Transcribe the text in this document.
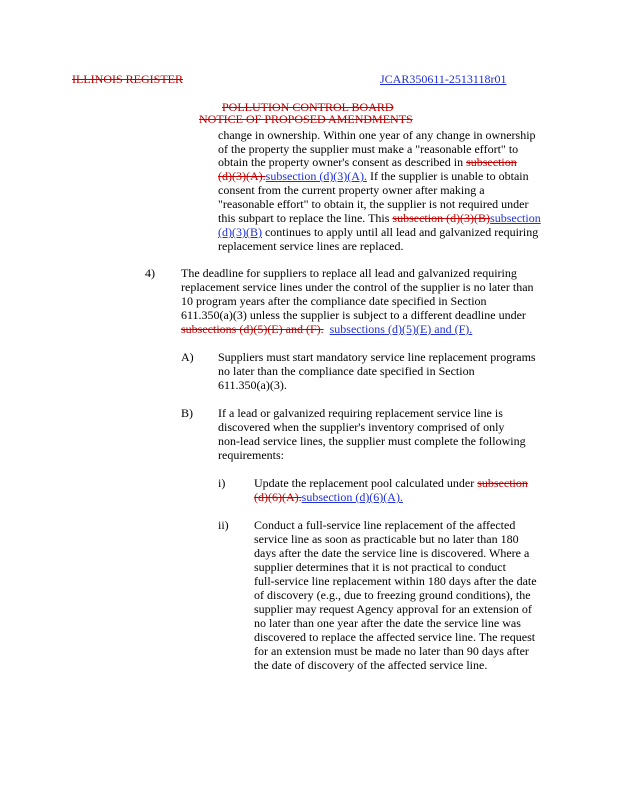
ILLINOIS REGISTER	JCAR350611-2513118r01
POLLUTION CONTROL BOARD
NOTICE OF PROPOSED AMENDMENTS
change in ownership. Within one year of any change in ownership
of the property the supplier must make a "reasonable effort" to
obtain the property owner's consent as described in subsection
(d)(3)(A).subsection (d)(3)(A). If the supplier is unable to obtain
consent from the current property owner after making a
"reasonable effort" to obtain it, the supplier is not required under
this subpart to replace the line. This subsection (d)(3)(B)subsection
(d)(3)(B) continues to apply until all lead and galvanized requiring
replacement service lines are replaced.
4) The deadline for suppliers to replace all lead and galvanized requiring
replacement service lines under the control of the supplier is no later than
10 program years after the compliance date specified in Section
611.350(a)(3) unless the supplier is subject to a different deadline under
subsections (d)(5)(E) and (F). subsections (d)(5)(E) and (F).
A) Suppliers must start mandatory service line replacement programs
no later than the compliance date specified in Section
611.350(a)(3).
B) If a lead or galvanized requiring replacement service line is
discovered when the supplier's inventory comprised of only
non-lead service lines, the supplier must complete the following
requirements:
i) Update the replacement pool calculated under subsection
(d)(6)(A).subsection (d)(6)(A).
ii) Conduct a full-service line replacement of the affected
service line as soon as practicable but no later than 180
days after the date the service line is discovered. Where a
supplier determines that it is not practical to conduct
full-service line replacement within 180 days after the date
of discovery (e.g., due to freezing ground conditions), the
supplier may request Agency approval for an extension of
no later than one year after the date the service line was
discovered to replace the affected service line. The request
for an extension must be made no later than 90 days after
the date of discovery of the affected service line.
